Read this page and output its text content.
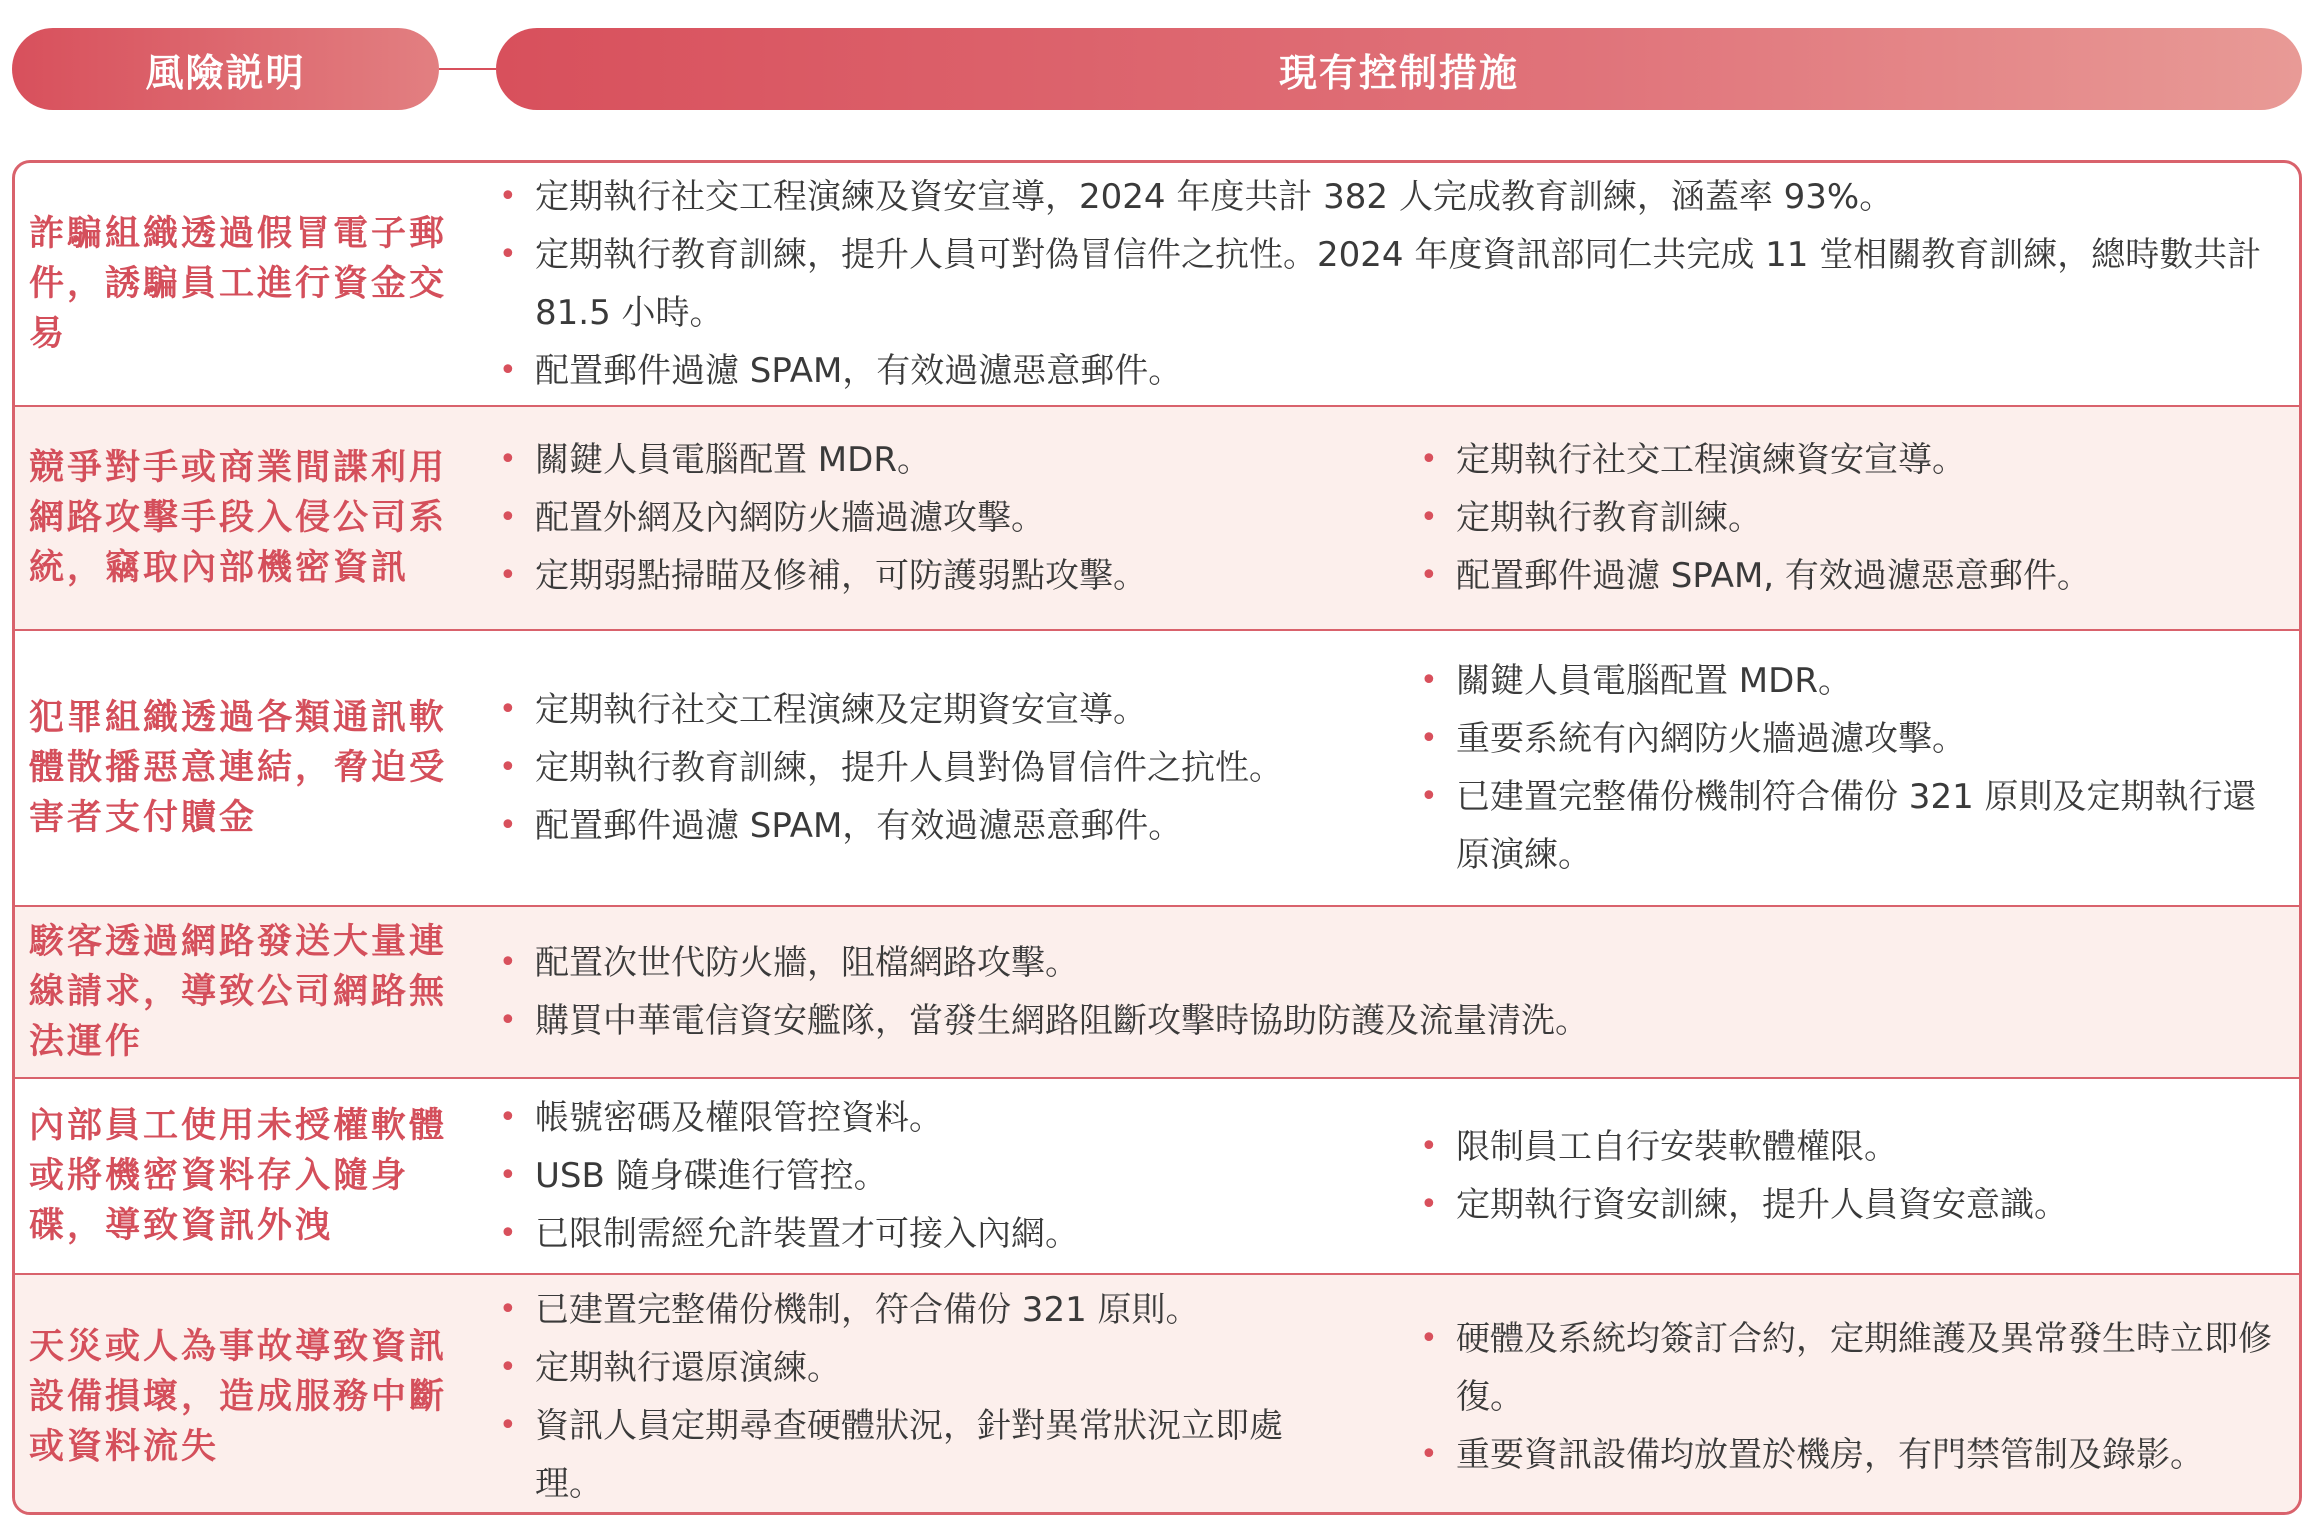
風險説明	現有控制措施
詐騙組織透過假冒電子郵件，誘騙員工進行資金交易
• 定期執行社交工程演練及資安宣導，2024 年度共計 382 人完成教育訓練，涵蓋率 93%。
• 定期執行教育訓練，提升人員可對偽冒信件之抗性。2024 年度資訊部同仁共完成 11 堂相關教育訓練，總時數共計 81.5 小時。
• 配置郵件過濾 SPAM，有效過濾惡意郵件。
競爭對手或商業間諜利用網路攻擊手段入侵公司系統，竊取內部機密資訊
• 關鍵人員電腦配置 MDR。
• 配置外網及內網防火牆過濾攻擊。
• 定期弱點掃瞄及修補，可防護弱點攻擊。
• 定期執行社交工程演練資安宣導。
• 定期執行教育訓練。
• 配置郵件過濾 SPAM, 有效過濾惡意郵件。
犯罪組織透過各類通訊軟體散播惡意連結，脅迫受害者支付贖金
• 定期執行社交工程演練及定期資安宣導。
• 定期執行教育訓練，提升人員對偽冒信件之抗性。
• 配置郵件過濾 SPAM，有效過濾惡意郵件。
• 關鍵人員電腦配置 MDR。
• 重要系統有內網防火牆過濾攻擊。
• 已建置完整備份機制符合備份 321 原則及定期執行還原演練。
駭客透過網路發送大量連線請求，導致公司網路無法運作
• 配置次世代防火牆，阻檔網路攻擊。
• 購買中華電信資安艦隊，當發生網路阻斷攻擊時協助防護及流量清洗。
內部員工使用未授權軟體或將機密資料存入隨身碟，導致資訊外洩
• 帳號密碼及權限管控資料。
• USB 隨身碟進行管控。
• 已限制需經允許裝置才可接入內網。
• 限制員工自行安裝軟體權限。
• 定期執行資安訓練，提升人員資安意識。
天災或人為事故導致資訊設備損壞，造成服務中斷或資料流失
• 已建置完整備份機制，符合備份 321 原則。
• 定期執行還原演練。
• 資訊人員定期尋查硬體狀況，針對異常狀況立即處理。
• 硬體及系統均簽訂合約，定期維護及異常發生時立即修復。
• 重要資訊設備均放置於機房，有門禁管制及錄影。
